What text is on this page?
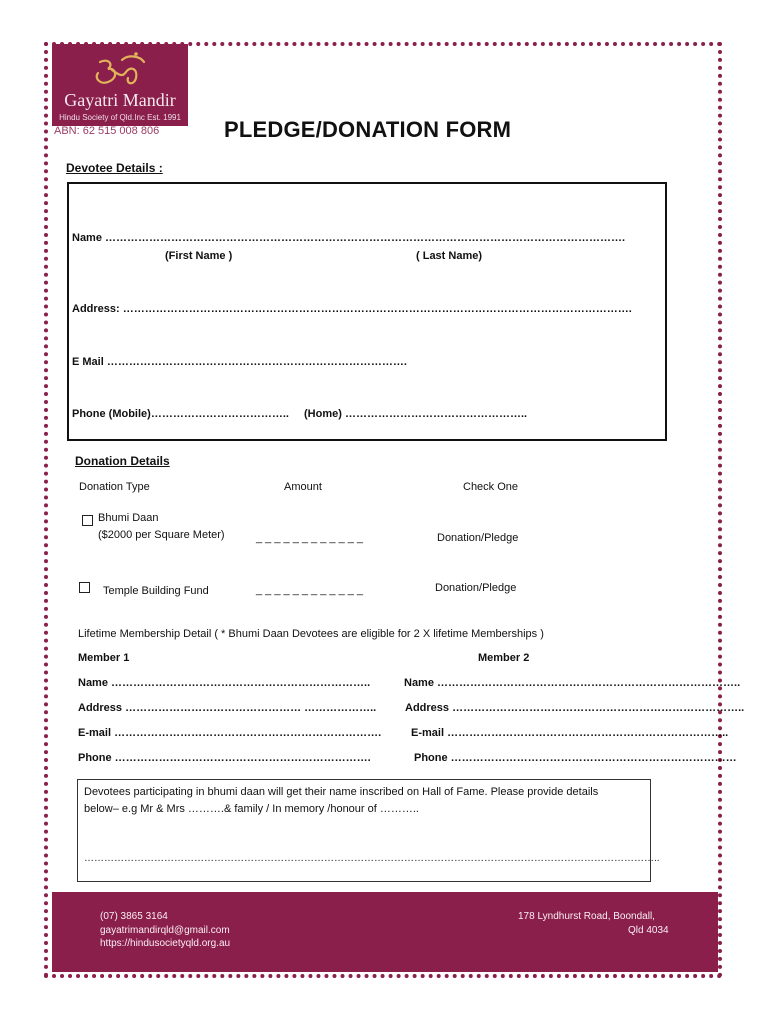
Gayatri Mandir
Hindu Society of Qld.Inc Est. 1991
ABN: 62 515 008 806	PLEDGE/DONATION FORM
Devotee Details :
Name …………………………………………………………………………………………………………………………….
(First Name )	( Last Name)
Address: ………………………………………………………………………………………………………………………….
E Mail ……………………………………………………………………….
Phone (Mobile)……………………………….. (Home) …………………………………………..
Donation Details
Donation Type	Amount	Check One
Bhumi Daan
($2000 per Square Meter)	_ _ _ _ _ _ _ _ _ _ _ _	Donation/Pledge
Temple Building Fund	_ _ _ _ _ _ _ _ _ _ _ _	Donation/Pledge
Lifetime Membership Detail ( * Bhumi Daan Devotees are eligible for 2 X lifetime Memberships )
Member 1	Member 2
Name ……………………………………………………………..	Name ………………………………………………………………………..
Address ………………………………………… ………………..	Address ……………………………………………………………………..
E-mail ……………………………………………………………….	E-mail …………………………………………………………………..
Phone …………………………………………………………….	Phone ……………………………………………………………………
Devotees participating in bhumi daan will get their name inscribed on Hall of Fame. Please provide details
below– e.g Mr & Mrs ……….& family / In memory /honour of ………..
………………………………………………………………………………………………………………………………………………………..
(07) 3865 3164
gayatrimandirqld@gmail.com
https://hindusocietyqld.org.au
178 Lyndhurst Road, Boondall,
Qld 4034
